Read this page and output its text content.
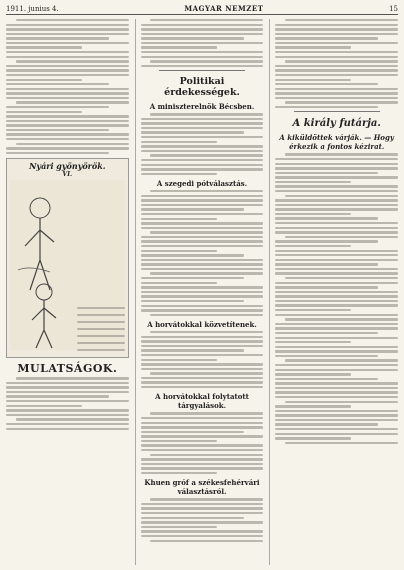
1911. junius 4.	MAGYAR NEMZET	15
Nyári gyönyörök.
VI.
MULATSÁGOK.
Politikai érdekességek.
A miniszterelnök Bécsben.
A szegedi pótválasztás.
A horvátokkal közvetítenek.
A horvátokkal folytatott tárgyalások.
Khuen gróf a székesfehérvári választásról.
A király futárja.
A kiküldöttek várják. — Hogy érkezik a fontos kézirat.
